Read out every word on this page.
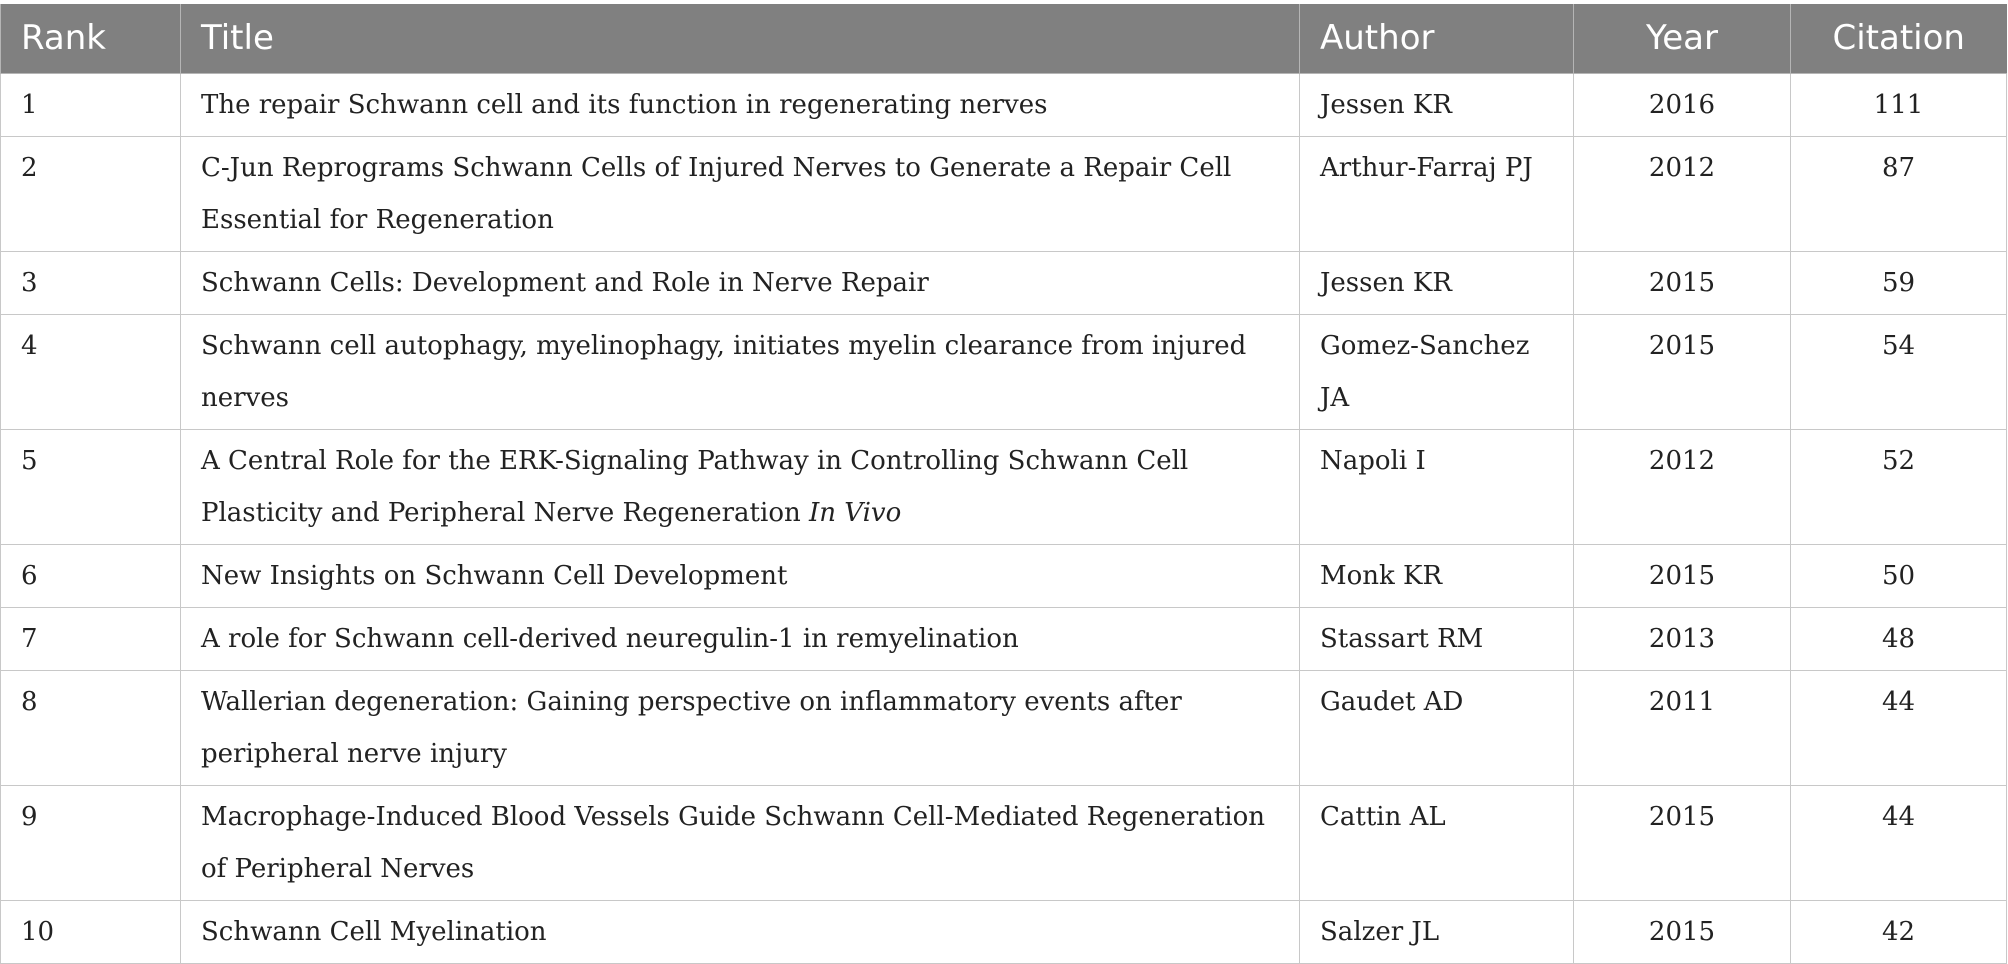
Rank	Title	Author	Year	Citation
1	The repair Schwann cell and its function in regenerating nerves	Jessen KR	2016	111
2	C-Jun Reprograms Schwann Cells of Injured Nerves to Generate a Repair Cell Essential for Regeneration	Arthur-Farraj PJ	2012	87
3	Schwann Cells: Development and Role in Nerve Repair	Jessen KR	2015	59
4	Schwann cell autophagy, myelinophagy, initiates myelin clearance from injured nerves	Gomez-Sanchez JA	2015	54
5	A Central Role for the ERK-Signaling Pathway in Controlling Schwann Cell Plasticity and Peripheral Nerve Regeneration In Vivo	Napoli I	2012	52
6	New Insights on Schwann Cell Development	Monk KR	2015	50
7	A role for Schwann cell-derived neuregulin-1 in remyelination	Stassart RM	2013	48
8	Wallerian degeneration: Gaining perspective on inflammatory events after peripheral nerve injury	Gaudet AD	2011	44
9	Macrophage-Induced Blood Vessels Guide Schwann Cell-Mediated Regeneration of Peripheral Nerves	Cattin AL	2015	44
10	Schwann Cell Myelination	Salzer JL	2015	42
